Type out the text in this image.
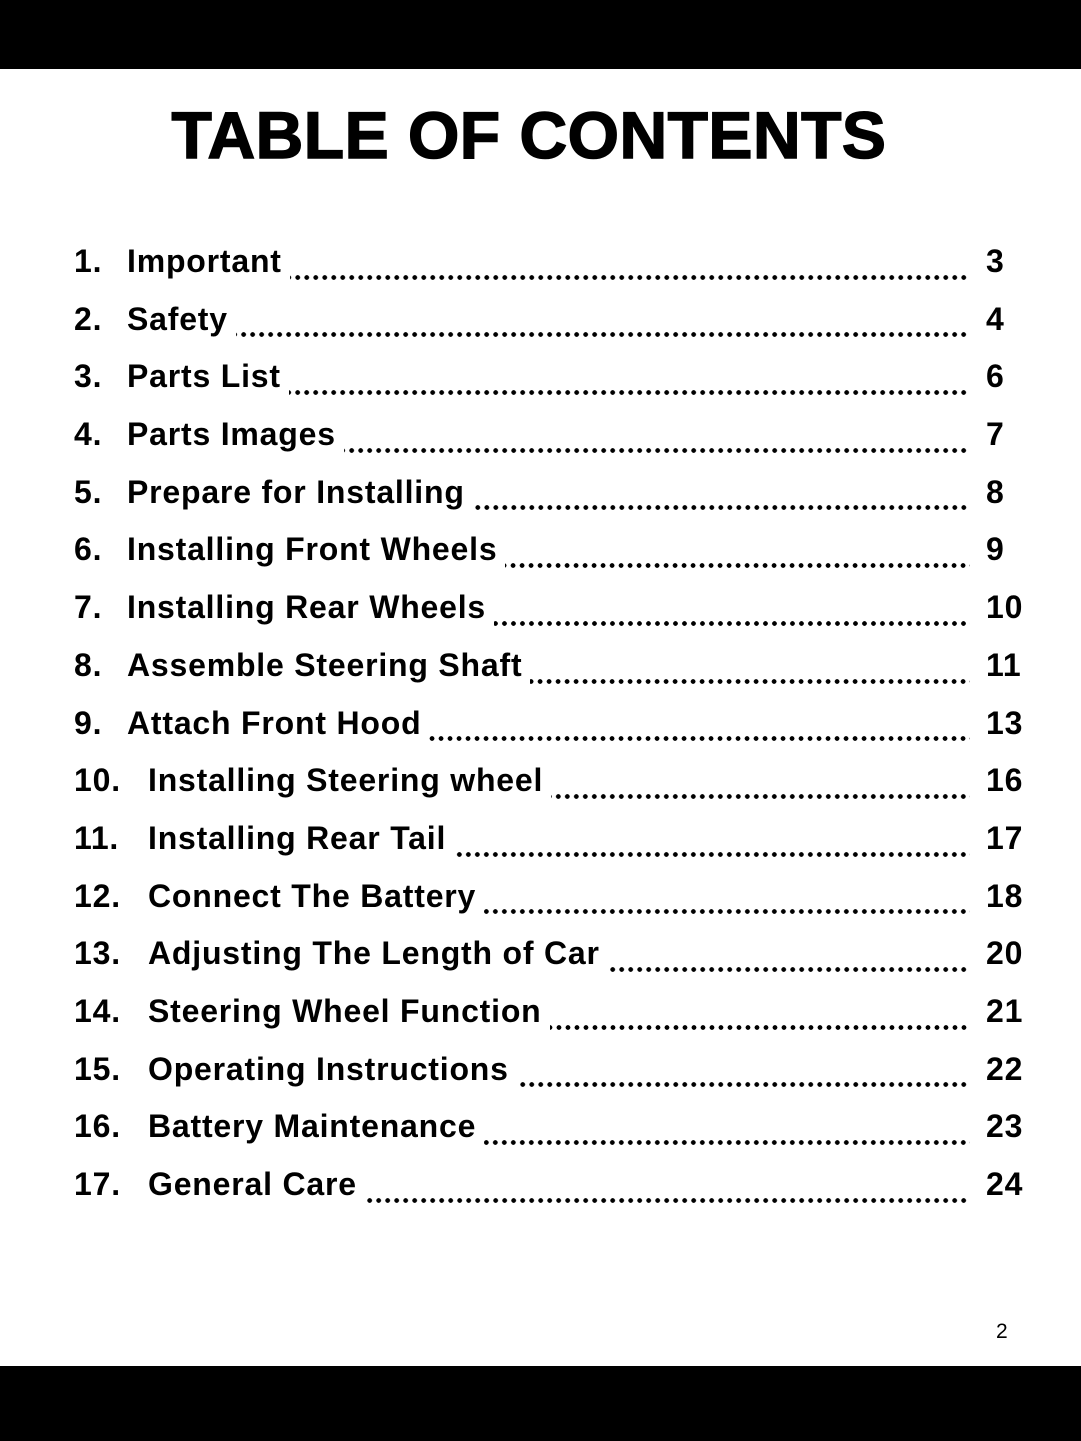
TABLE OF CONTENTS
1. Important	3
2. Safety	4
3. Parts List	6
4. Parts Images	7
5. Prepare for Installing	8
6. Installing Front Wheels	9
7. Installing Rear Wheels	10
8. Assemble Steering Shaft	11
9. Attach Front Hood	13
10. Installing Steering wheel	16
11. Installing Rear Tail	17
12. Connect The Battery	18
13. Adjusting The Length of Car	20
14. Steering Wheel Function	21
15. Operating Instructions	22
16. Battery Maintenance	23
17. General Care	24

2
